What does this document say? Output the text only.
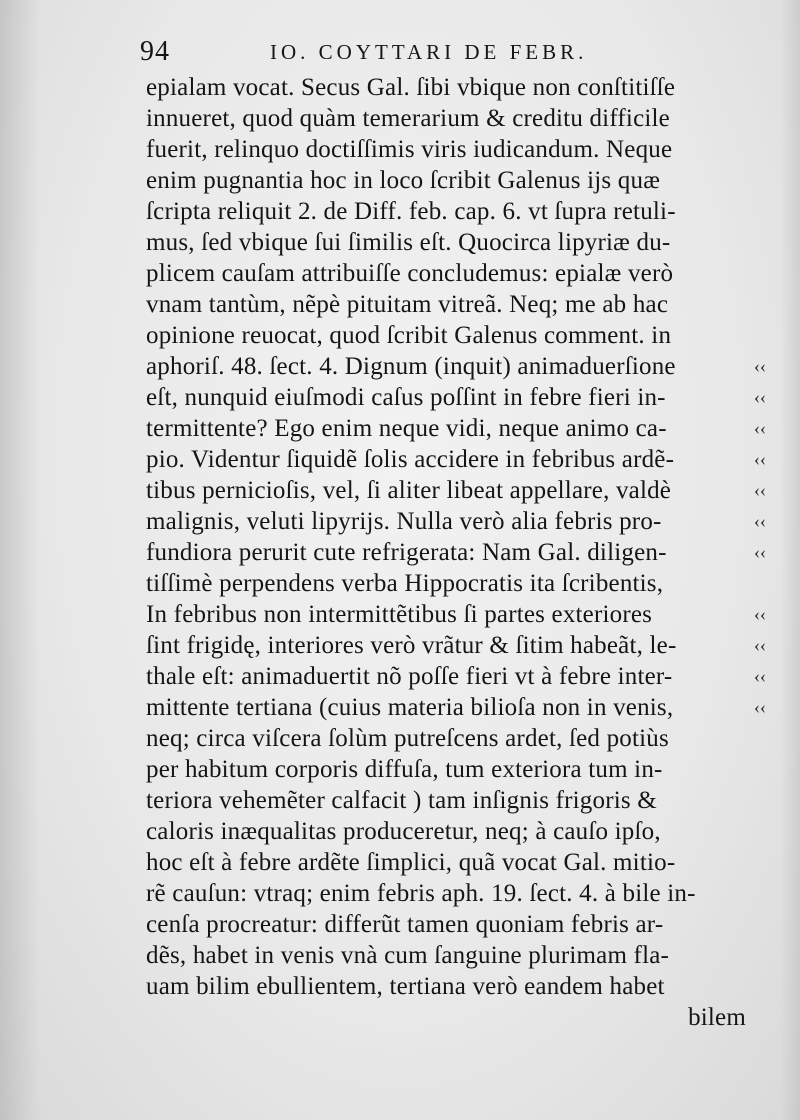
94	IO. COYTTARI DE FEBR.
epialam vocat. Secus Gal. ſibi vbique non conſtitiſſe
innueret, quod quàm temerarium & creditu difficile
fuerit, relinquo doctiſſimis viris iudicandum. Neque
enim pugnantia hoc in loco ſcribit Galenus ijs quæ
ſcripta reliquit 2. de Diff. feb. cap. 6. vt ſupra retuli-
mus, ſed vbique ſui ſimilis eſt. Quocirca lipyriæ du-
plicem cauſam attribuiſſe concludemus: epialæ verò
vnam tantùm, nẽpè pituitam vitreã. Neq; me ab hac
opinione reuocat, quod ſcribit Galenus comment. in
aphoriſ. 48. ſect. 4. Dignum (inquit) animaduerſione
eſt, nunquid eiuſmodi caſus poſſint in febre fieri in-
termittente? Ego enim neque vidi, neque animo ca-
pio. Videntur ſiquidẽ ſolis accidere in febribus ardẽ-
tibus pernicioſis, vel, ſi aliter libeat appellare, valdè
malignis, veluti lipyrijs. Nulla verò alia febris pro-
fundiora perurit cute refrigerata: Nam Gal. diligen-
tiſſimè perpendens verba Hippocratis ita ſcribentis,
In febribus non intermittẽtibus ſi partes exteriores
ſint frigidę, interiores verò vrãtur & ſitim habeãt, le-
thale eſt: animaduertit nõ poſſe fieri vt à febre inter-
mittente tertiana (cuius materia bilioſa non in venis,
neq; circa viſcera ſolùm putreſcens ardet, ſed potiùs
per habitum corporis diffuſa, tum exteriora tum in-
teriora vehemẽter calfacit ) tam inſignis frigoris &
caloris inæqualitas produceretur, neq; à cauſo ipſo,
hoc eſt à febre ardẽte ſimplici, quã vocat Gal. mitio-
rẽ cauſun: vtraq; enim febris aph. 19. ſect. 4. à bile in-
cenſa procreatur: differũt tamen quoniam febris ar-
dẽs, habet in venis vnà cum ſanguine plurimam fla-
uam bilim ebullientem, tertiana verò eandem habet
bilem
‹‹
‹‹
‹‹
‹‹
‹‹
‹‹
‹‹
‹‹
‹‹
‹‹
‹‹
